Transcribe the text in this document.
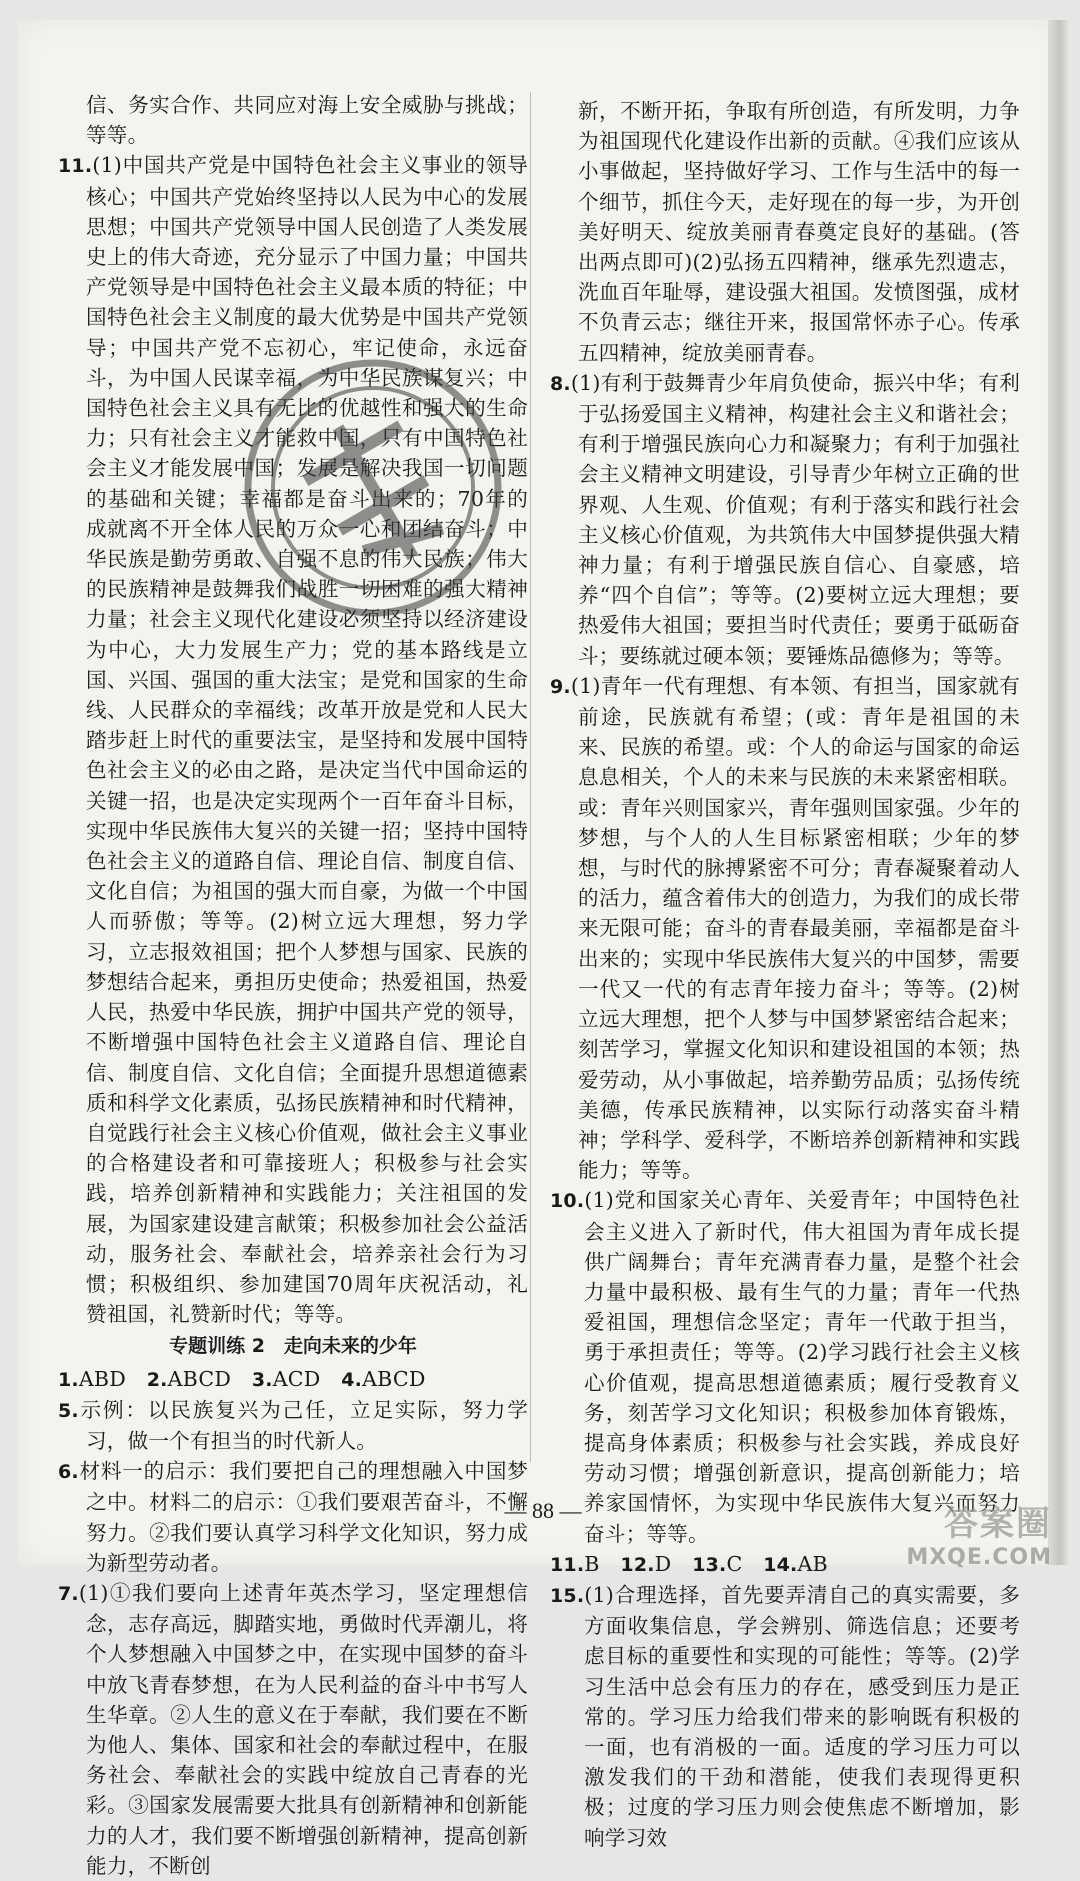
信、务实合作、共同应对海上安全威胁与挑战；等等。

11.(1)中国共产党是中国特色社会主义事业的领导核心；中国共产党始终坚持以人民为中心的发展思想；中国共产党领导中国人民创造了人类发展史上的伟大奇迹，充分显示了中国力量；中国共产党领导是中国特色社会主义最本质的特征；中国特色社会主义制度的最大优势是中国共产党领导；中国共产党不忘初心，牢记使命，永远奋斗，为中国人民谋幸福，为中华民族谋复兴；中国特色社会主义具有无比的优越性和强大的生命力；只有社会主义才能救中国，只有中国特色社会主义才能发展中国；发展是解决我国一切问题的基础和关键；幸福都是奋斗出来的；70年的成就离不开全体人民的万众一心和团结奋斗；中华民族是勤劳勇敢、自强不息的伟大民族；伟大的民族精神是鼓舞我们战胜一切困难的强大精神力量；社会主义现代化建设必须坚持以经济建设为中心，大力发展生产力；党的基本路线是立国、兴国、强国的重大法宝；是党和国家的生命线、人民群众的幸福线；改革开放是党和人民大踏步赶上时代的重要法宝，是坚持和发展中国特色社会主义的必由之路，是决定当代中国命运的关键一招，也是决定实现两个一百年奋斗目标，实现中华民族伟大复兴的关键一招；坚持中国特色社会主义的道路自信、理论自信、制度自信、文化自信；为祖国的强大而自豪，为做一个中国人而骄傲；等等。(2)树立远大理想，努力学习，立志报效祖国；把个人梦想与国家、民族的梦想结合起来，勇担历史使命；热爱祖国，热爱人民，热爱中华民族，拥护中国共产党的领导，不断增强中国特色社会主义道路自信、理论自信、制度自信、文化自信；全面提升思想道德素质和科学文化素质，弘扬民族精神和时代精神，自觉践行社会主义核心价值观，做社会主义事业的合格建设者和可靠接班人；积极参与社会实践，培养创新精神和实践能力；关注祖国的发展，为国家建设建言献策；积极参加社会公益活动，服务社会、奉献社会，培养亲社会行为习惯；积极组织、参加建国70周年庆祝活动，礼赞祖国，礼赞新时代；等等。

专题训练 2　走向未来的少年

1.ABD　2.ABCD　3.ACD　4.ABCD

5.示例：以民族复兴为己任，立足实际，努力学习，做一个有担当的时代新人。

6.材料一的启示：我们要把自己的理想融入中国梦之中。材料二的启示：①我们要艰苦奋斗，不懈努力。②我们要认真学习科学文化知识，努力成为新型劳动者。

7.(1)①我们要向上述青年英杰学习，坚定理想信念，志存高远，脚踏实地，勇做时代弄潮儿，将个人梦想融入中国梦之中，在实现中国梦的奋斗中放飞青春梦想，在为人民利益的奋斗中书写人生华章。②人生的意义在于奉献，我们要在不断为他人、集体、国家和社会的奉献过程中，在服务社会、奉献社会的实践中绽放自己青春的光彩。③国家发展需要大批具有创新精神和创新能力的人才，我们要不断增强创新精神，提高创新能力，不断创

新，不断开拓，争取有所创造，有所发明，力争为祖国现代化建设作出新的贡献。④我们应该从小事做起，坚持做好学习、工作与生活中的每一个细节，抓住今天，走好现在的每一步，为开创美好明天、绽放美丽青春奠定良好的基础。(答出两点即可)(2)弘扬五四精神，继承先烈遗志，洗血百年耻辱，建设强大祖国。发愤图强，成材不负青云志；继往开来，报国常怀赤子心。传承五四精神，绽放美丽青春。

8.(1)有利于鼓舞青少年肩负使命，振兴中华；有利于弘扬爱国主义精神，构建社会主义和谐社会；有利于增强民族向心力和凝聚力；有利于加强社会主义精神文明建设，引导青少年树立正确的世界观、人生观、价值观；有利于落实和践行社会主义核心价值观，为共筑伟大中国梦提供强大精神力量；有利于增强民族自信心、自豪感，培养“四个自信”；等等。(2)要树立远大理想；要热爱伟大祖国；要担当时代责任；要勇于砥砺奋斗；要练就过硬本领；要锤炼品德修为；等等。

9.(1)青年一代有理想、有本领、有担当，国家就有前途，民族就有希望；(或：青年是祖国的未来、民族的希望。或：个人的命运与国家的命运息息相关，个人的未来与民族的未来紧密相联。或：青年兴则国家兴，青年强则国家强。少年的梦想，与个人的人生目标紧密相联；少年的梦想，与时代的脉搏紧密不可分；青春凝聚着动人的活力，蕴含着伟大的创造力，为我们的成长带来无限可能；奋斗的青春最美丽，幸福都是奋斗出来的；实现中华民族伟大复兴的中国梦，需要一代又一代的有志青年接力奋斗；等等。(2)树立远大理想，把个人梦与中国梦紧密结合起来；刻苦学习，掌握文化知识和建设祖国的本领；热爱劳动，从小事做起，培养勤劳品质；弘扬传统美德，传承民族精神，以实际行动落实奋斗精神；学科学、爱科学，不断培养创新精神和实践能力；等等。

10.(1)党和国家关心青年、关爱青年；中国特色社会主义进入了新时代，伟大祖国为青年成长提供广阔舞台；青年充满青春力量，是整个社会力量中最积极、最有生气的力量；青年一代热爱祖国，理想信念坚定；青年一代敢于担当，勇于承担责任；等等。(2)学习践行社会主义核心价值观，提高思想道德素质；履行受教育义务，刻苦学习文化知识；积极参加体育锻炼，提高身体素质；积极参与社会实践，养成良好劳动习惯；增强创新意识，提高创新能力；培养家国情怀，为实现中华民族伟大复兴而努力奋斗；等等。

11.B　12.D　13.C　14.AB

15.(1)合理选择，首先要弄清自己的真实需要，多方面收集信息，学会辨别、筛选信息；还要考虑目标的重要性和实现的可能性；等等。(2)学习生活中总会有压力的存在，感受到压力是正常的。学习压力给我们带来的影响既有积极的一面，也有消极的一面。适度的学习压力可以激发我们的干劲和潜能，使我们表现得更积极；过度的学习压力则会使焦虑不断增加，影响学习效

— 88 —
答案圈
MXQE.COM
